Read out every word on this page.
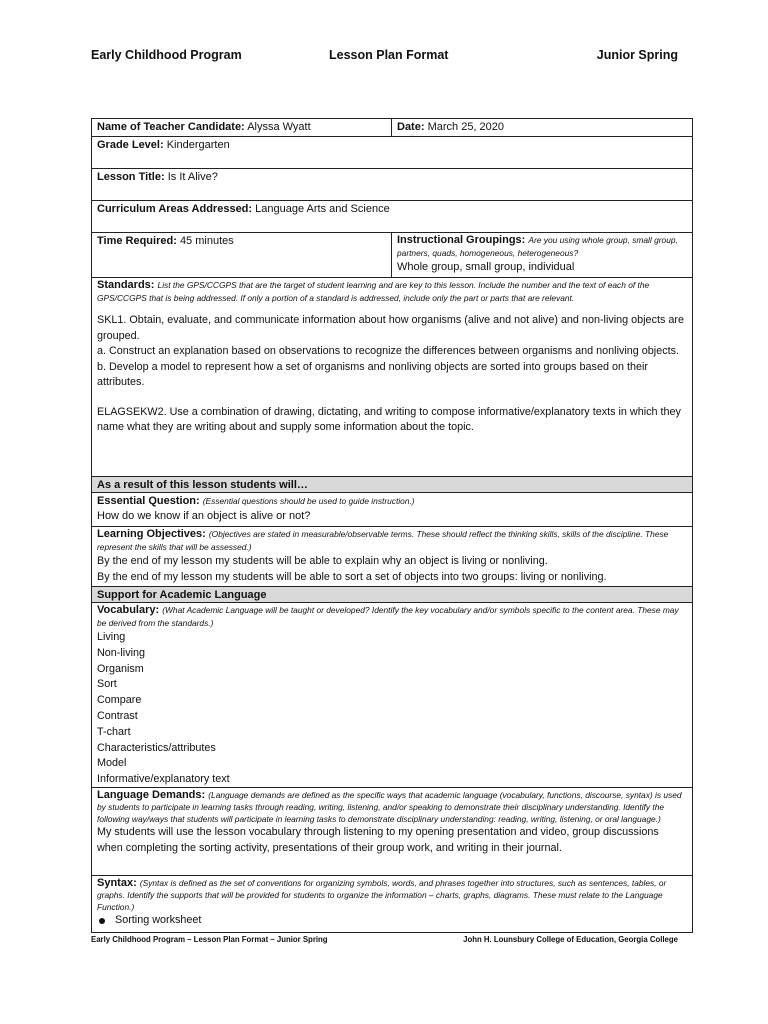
Early Childhood Program	Lesson Plan Format	Junior Spring
Name of Teacher Candidate: Alyssa Wyatt	Date: March 25, 2020
Grade Level: Kindergarten
Lesson Title: Is It Alive?
Curriculum Areas Addressed: Language Arts and Science
Time Required: 45 minutes	Instructional Groupings: Are you using whole group, small group, partners, quads, homogeneous, heterogeneous?
Whole group, small group, individual
Standards: List the GPS/CCGPS that are the target of student learning and are key to this lesson. Include the number and the text of each of the GPS/CCGPS that is being addressed. If only a portion of a standard is addressed, include only the part or parts that are relevant.
SKL1. Obtain, evaluate, and communicate information about how organisms (alive and not alive) and non-living objects are grouped.
a. Construct an explanation based on observations to recognize the differences between organisms and nonliving objects.
b. Develop a model to represent how a set of organisms and nonliving objects are sorted into groups based on their attributes.
ELAGSEKW2. Use a combination of drawing, dictating, and writing to compose informative/explanatory texts in which they name what they are writing about and supply some information about the topic.
As a result of this lesson students will…
Essential Question: (Essential questions should be used to guide instruction.)
How do we know if an object is alive or not?
Learning Objectives: (Objectives are stated in measurable/observable terms. These should reflect the thinking skills, skills of the discipline. These represent the skills that will be assessed.)
By the end of my lesson my students will be able to explain why an object is living or nonliving.
By the end of my lesson my students will be able to sort a set of objects into two groups: living or nonliving.
Support for Academic Language
Vocabulary: (What Academic Language will be taught or developed? Identify the key vocabulary and/or symbols specific to the content area. These may be derived from the standards.)
Living
Non-living
Organism
Sort
Compare
Contrast
T-chart
Characteristics/attributes
Model
Informative/explanatory text
Language Demands: (Language demands are defined as the specific ways that academic language (vocabulary, functions, discourse, syntax) is used by students to participate in learning tasks through reading, writing, listening, and/or speaking to demonstrate their disciplinary understanding. Identify the following way/ways that students will participate in learning tasks to demonstrate disciplinary understanding: reading, writing, listening, or oral language.)
My students will use the lesson vocabulary through listening to my opening presentation and video, group discussions when completing the sorting activity, presentations of their group work, and writing in their journal.
Syntax: (Syntax is defined as the set of conventions for organizing symbols, words, and phrases together into structures, such as sentences, tables, or graphs. Identify the supports that will be provided for students to organize the information – charts, graphs, diagrams. These must relate to the Language Function.)
Sorting worksheet
Early Childhood Program – Lesson Plan Format – Junior Spring	John H. Lounsbury College of Education, Georgia College
